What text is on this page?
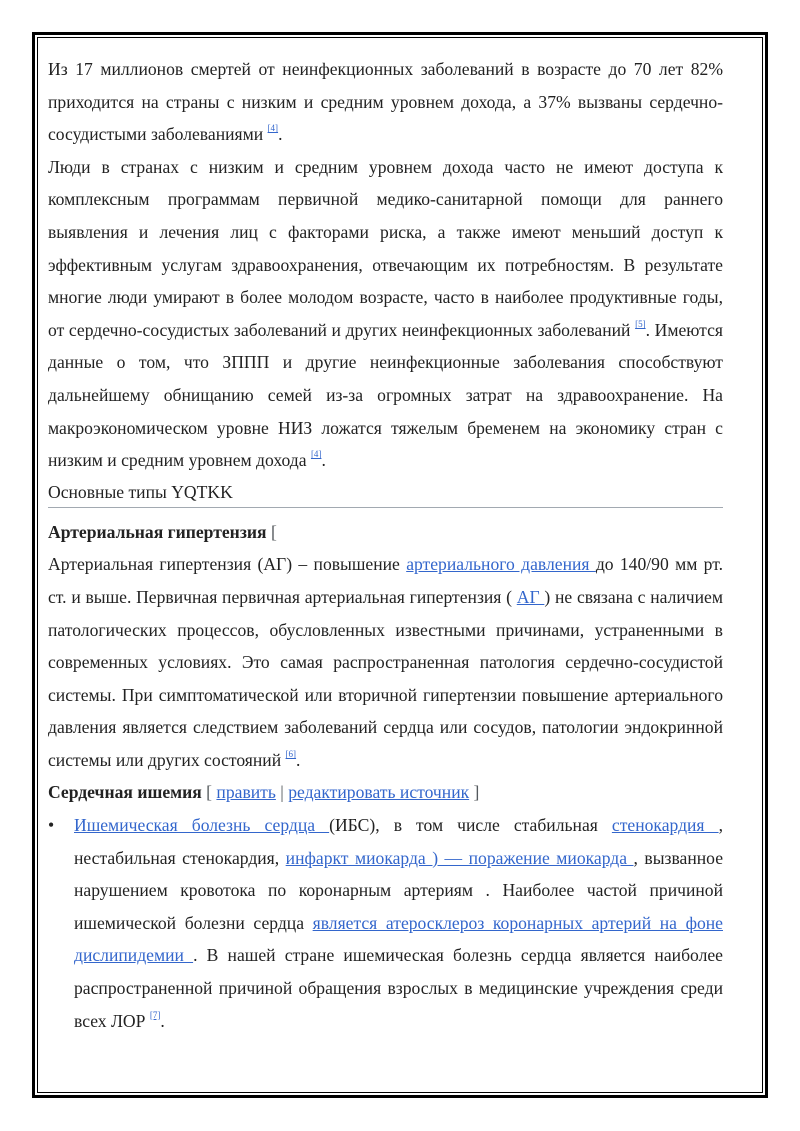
Из 17 миллионов смертей от неинфекционных заболеваний в возрасте до 70 лет 82% приходится на страны с низким и средним уровнем дохода, а 37% вызваны сердечно-сосудистыми заболеваниями [4].

Люди в странах с низким и средним уровнем дохода часто не имеют доступа к комплексным программам первичной медико-санитарной помощи для раннего выявления и лечения лиц с факторами риска, а также имеют меньший доступ к эффективным услугам здравоохранения, отвечающим их потребностям. В результате многие люди умирают в более молодом возрасте, часто в наиболее продуктивные годы, от сердечно-сосудистых заболеваний и других неинфекционных заболеваний [5]. Имеются данные о том, что ЗППП и другие неинфекционные заболевания способствуют дальнейшему обнищанию семей из-за огромных затрат на здравоохранение. На макроэкономическом уровне НИЗ ложатся тяжелым бременем на экономику стран с низким и средним уровнем дохода [4].

Основные типы YQTKK

Артериальная гипертензия [

Артериальная гипертензия (АГ) – повышение артериального давления до 140/90 мм рт. ст. и выше. Первичная первичная артериальная гипертензия ( АГ ) не связана с наличием патологических процессов, обусловленных известными причинами, устраненными в современных условиях. Это самая распространенная патология сердечно-сосудистой системы. При симптоматической или вторичной гипертензии повышение артериального давления является следствием заболеваний сердца или сосудов, патологии эндокринной системы или других состояний [6].

Сердечная ишемия [ править | редактировать источник ]

• Ишемическая болезнь сердца (ИБС), в том числе стабильная стенокардия , нестабильная стенокардия, инфаркт миокарда ) — поражение миокарда , вызванное нарушением кровотока по коронарным артериям . Наиболее частой причиной ишемической болезни сердца является атеросклероз коронарных артерий на фоне дислипидемии . В нашей стране ишемическая болезнь сердца является наиболее распространенной причиной обращения взрослых в медицинские учреждения среди всех ЛОР [7].
